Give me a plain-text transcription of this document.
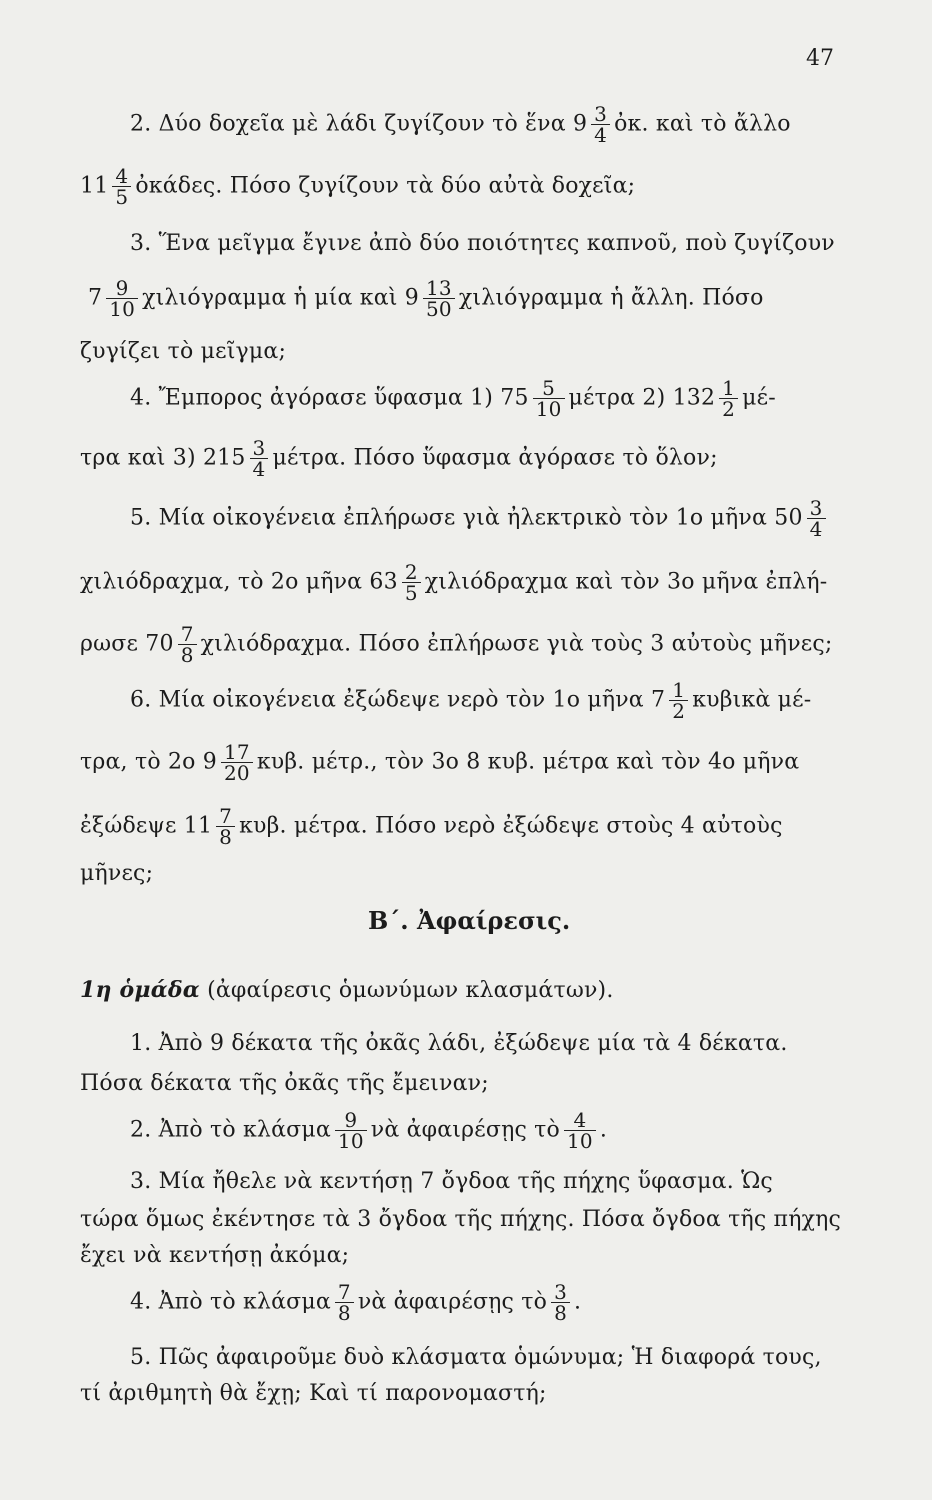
47
2. Δύο δοχεῖα μὲ λάδι ζυγίζουν τὸ ἕνα $9 \frac{3}{4}$ ὀκ. καὶ τὸ ἄλλο
$11 \frac{4}{5}$ ὀκάδες. Πόσο ζυγίζουν τὰ δύο αὐτὰ δοχεῖα;
3. Ἕνα μεῖγμα ἔγινε ἀπὸ δύο ποιότητες καπνοῦ, ποὺ ζυγίζουν
$7 \frac{9}{10}$ χιλιόγραμμα ἡ μία καὶ $9 \frac{13}{50}$ χιλιόγραμμα ἡ ἄλλη. Πόσο
ζυγίζει τὸ μεῖγμα;
4. Ἔμπορος ἀγόρασε ὕφασμα 1) $75 \frac{5}{10}$ μέτρα 2) $132 \frac{1}{2} \mu έ-$
τρα καὶ 3) $215 \frac{3}{4} \mu έ\tau\rho\alpha$. Πόσο ὕφασμα ἀγόρασε τὸ ὅλον;
5. Μία οἰκογένεια ἐπλήρωσε γιὰ ἠλεκτρικὸ τὸν 1ο μῆνα $50 \frac{3}{4}$
χιλιόδραχμα, τὸ 2ο μῆνα $63 \frac{2}{5}$ χιλιόδραχμα καὶ τὸν 3ο μῆνα ἐπλή-
ρωσε $70 \frac{7}{8} \chi\iota\lambda\iota ό\delta\rho\alpha\chi\mu\alpha$. Πόσο ἐπλήρωσε γιὰ τοὺς 3 αὐτοὺς μῆνες;
6. Μία οἰκογένεια ἐξώδεψε νερὸ τὸν 1ο μῆνα $7 \frac{1}{2}$ κυβικὰ μέ-
τρα, τὸ 2ο $9 \frac{17}{20} \kappa\upsilon\beta$. μέτρ., τὸν 3ο 8 κυβ. μέτρα καὶ τὸν 4ο μῆνα
ἐξώδεψε $11 \frac{7}{8} \kappa\upsilon\beta$. μέτρα. Πόσο νερὸ ἐξώδεψε στοὺς 4 αὐτοὺς
μῆνες;
Β΄. Ἀφαίρεσις.
1η ὁμάδα (ἀφαίρεσις ὁμωνύμων κλασμάτων).
1. Ἀπὸ 9 δέκατα τῆς ὀκᾶς λάδι, ἐξώδεψε μία τὰ 4 δέκατα.
Πόσα δέκατα τῆς ὀκᾶς τῆς ἔμειναν;
2. Ἀπὸ τὸ κλάσμα $\frac{9}{10}$ νὰ ἀφαιρέσῃς τὸ $\frac{4}{10}$ .
3. Μία ἤθελε νὰ κεντήσῃ 7 ὄγδοα τῆς πήχης ὕφασμα. Ὡς
τώρα ὅμως ἐκέντησε τὰ 3 ὄγδοα τῆς πήχης. Πόσα ὄγδοα τῆς πήχης
ἔχει νὰ κεντήσῃ ἀκόμα;
4. Ἀπὸ τὸ κλάσμα $\frac{7}{8}$ νὰ ἀφαιρέσῃς τὸ $\frac{3}{8}$ .
5. Πῶς ἀφαιροῦμε δυὸ κλάσματα ὁμώνυμα; Ἡ διαφορά τους,
τί ἀριθμητὴ θὰ ἔχῃ; Καὶ τί παρονομαστή;
